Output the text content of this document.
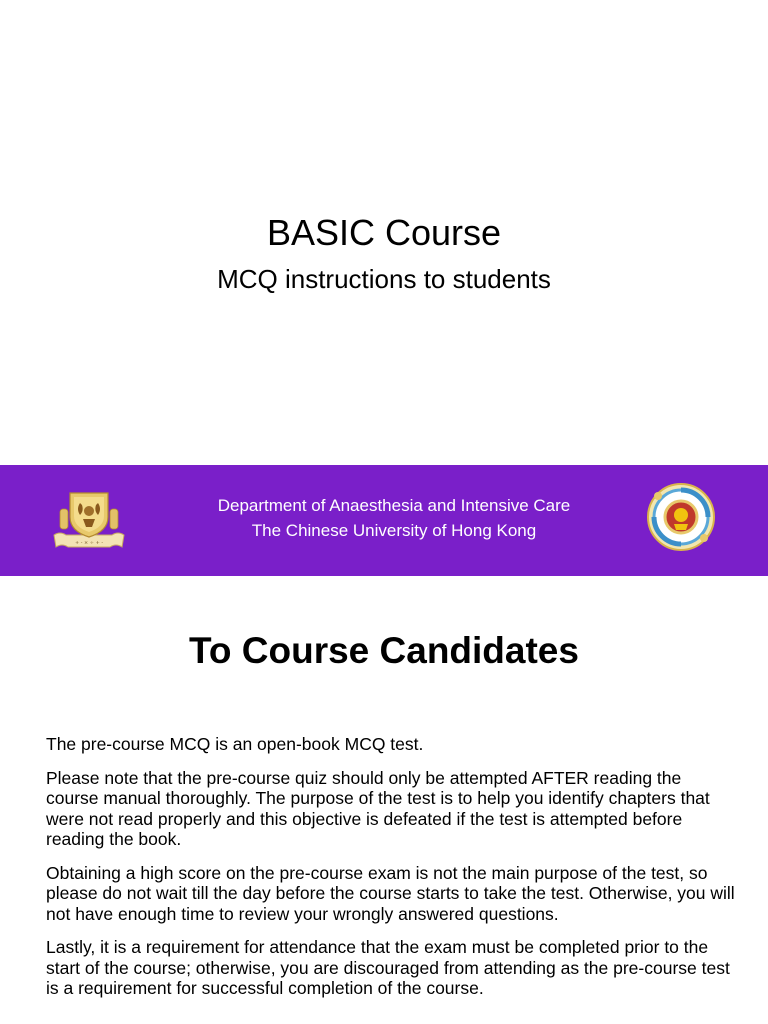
BASIC Course
MCQ instructions to students
+ - × ÷ + -
Department of Anaesthesia and Intensive Care
The Chinese University of Hong Kong
To Course Candidates

The pre-course MCQ is an open-book MCQ test.

Please note that the pre-course quiz should only be attempted AFTER reading the course manual thoroughly. The purpose of the test is to help you identify chapters that were not read properly and this objective is defeated if the test is attempted before reading the book.

Obtaining a high score on the pre-course exam is not the main purpose of the test, so please do not wait till the day before the course starts to take the test. Otherwise, you will not have enough time to review your wrongly answered questions.

Lastly, it is a requirement for attendance that the exam must be completed prior to the start of the course; otherwise, you are discouraged from attending as the pre-course test is a requirement for successful completion of the course.
